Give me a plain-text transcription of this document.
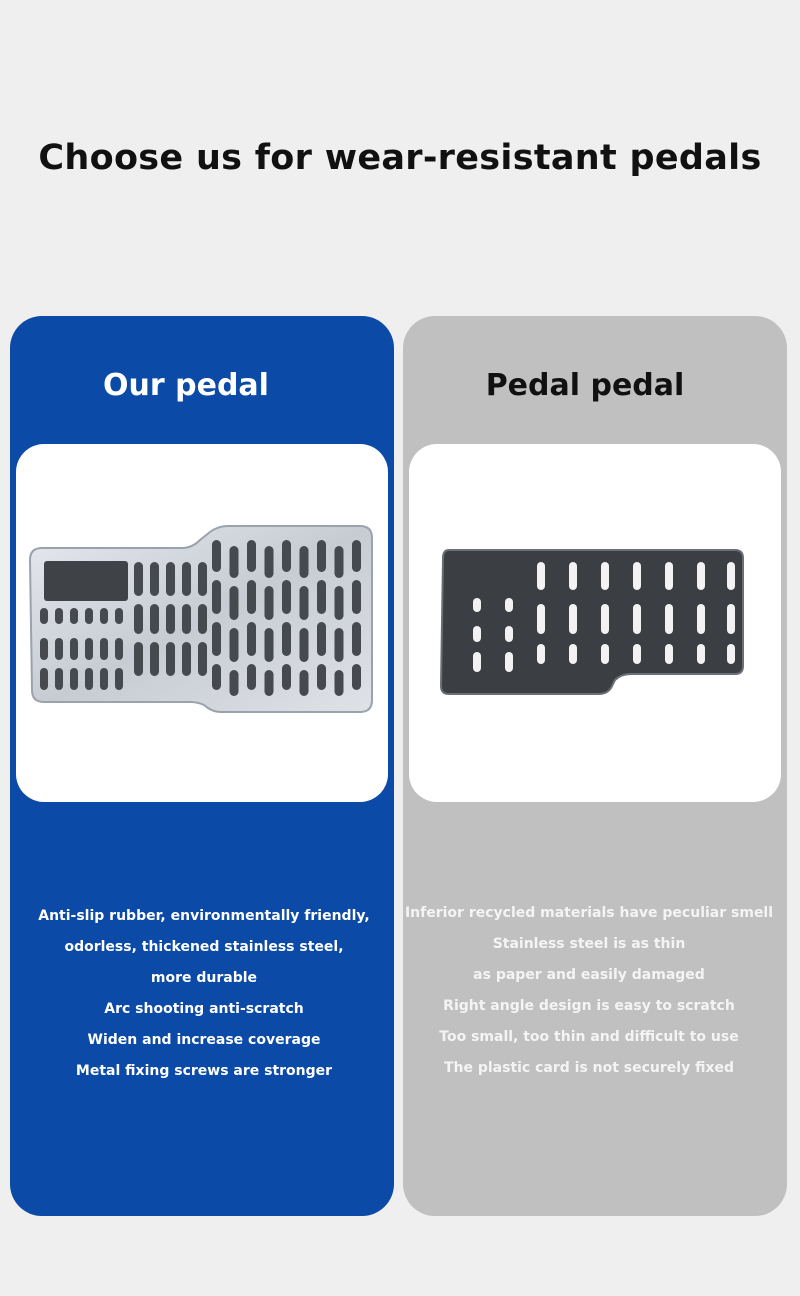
Choose us for wear-resistant pedals
Our pedal
Anti-slip rubber, environmentally friendly,
odorless, thickened stainless steel,
more durable
Arc shooting anti-scratch
Widen and increase coverage
Metal fixing screws are stronger
Pedal pedal
Inferior recycled materials have peculiar smell
Stainless steel is as thin
as paper and easily damaged
Right angle design is easy to scratch
Too small, too thin and difficult to use
The plastic card is not securely fixed
